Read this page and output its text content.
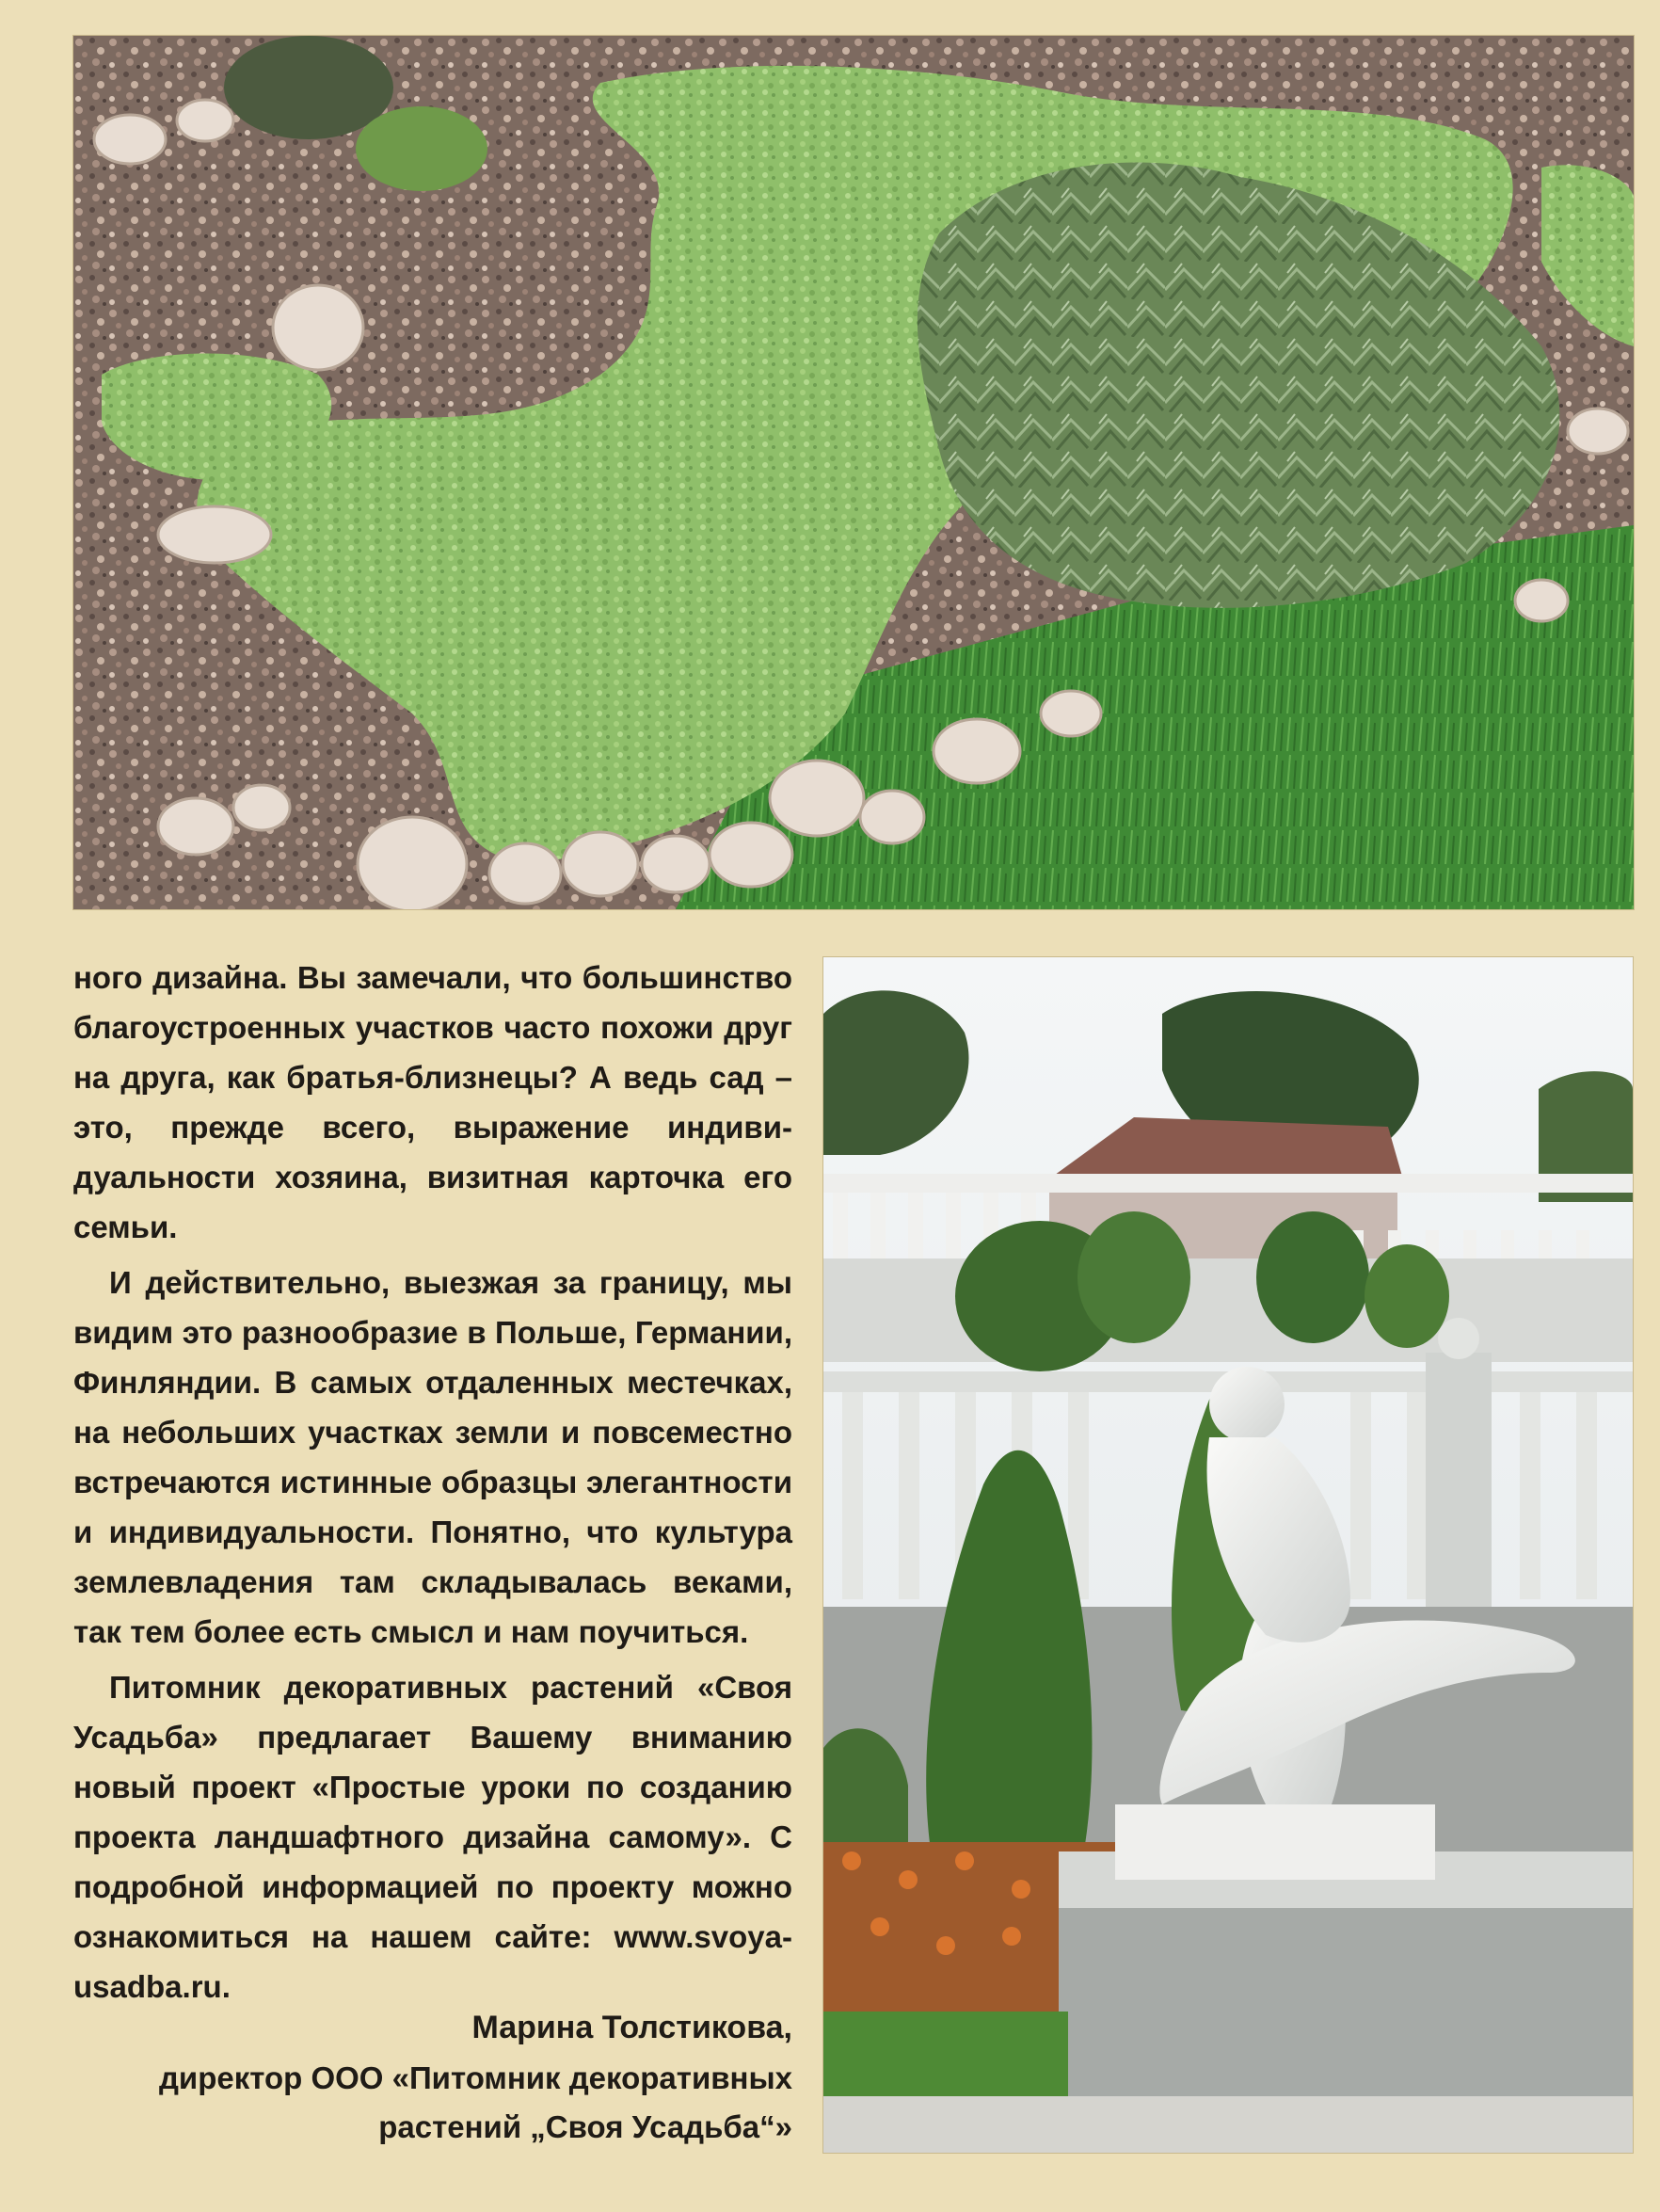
ного дизайна. Вы замечали, что большинство благоустроенных участков часто похожи друг на друга, как братья-близнецы? А ведь сад – это, прежде всего, выражение индивидуальности хозяина, визитная карточка его семьи.

И действительно, выезжая за границу, мы видим это разнообразие в Польше, Германии, Финляндии. В самых отдаленных местечках, на небольших участках земли и повсеместно встречаются истинные образцы элегантности и индивидуальности. Понятно, что культура землевладения там складывалась веками, так тем более есть смысл и нам поучиться.

Питомник декоративных растений «Своя Усадьба» предлагает Вашему вниманию новый проект «Простые уроки по созданию проекта ландшафтного дизайна самому». С подробной информацией по проекту можно ознакомиться на нашем сайте: www.svoya-usadba.ru.

Марина Толстикова,
директор ООО «Питомник декоративных
растений „Своя Усадьба“»
